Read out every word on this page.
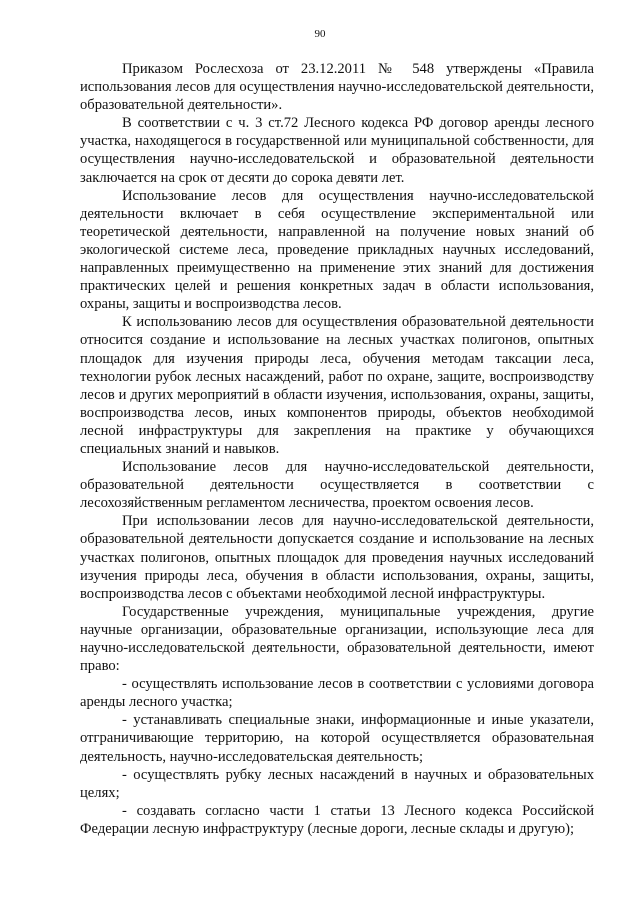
90

Приказом Рослесхоза от 23.12.2011 № 548 утверждены «Правила использования лесов для осуществления научно-исследовательской деятельности, образовательной деятельности».

В соответствии с ч. 3 ст.72 Лесного кодекса РФ договор аренды лесного участка, находящегося в государственной или муниципальной собственности, для осуществления научно-исследовательской и образовательной деятельности заключается на срок от десяти до сорока девяти лет.

Использование лесов для осуществления научно-исследовательской деятельности включает в себя осуществление экспериментальной или теоретической деятельности, направленной на получение новых знаний об экологической системе леса, проведение прикладных научных исследований, направленных преимущественно на применение этих знаний для достижения практических целей и решения конкретных задач в области использования, охраны, защиты и воспроизводства лесов.

К использованию лесов для осуществления образовательной деятельности относится создание и использование на лесных участках полигонов, опытных площадок для изучения природы леса, обучения методам таксации леса, технологии рубок лесных насаждений, работ по охране, защите, воспроизводству лесов и других мероприятий в области изучения, использования, охраны, защиты, воспроизводства лесов, иных компонентов природы, объектов необходимой лесной инфраструктуры для закрепления на практике у обучающихся специальных знаний и навыков.

Использование лесов для научно-исследовательской деятельности, образовательной деятельности осуществляется в соответствии с лесохозяйственным регламентом лесничества, проектом освоения лесов.

При использовании лесов для научно-исследовательской деятельности, образовательной деятельности допускается создание и использование на лесных участках полигонов, опытных площадок для проведения научных исследований изучения природы леса, обучения в области использования, охраны, защиты, воспроизводства лесов с объектами необходимой лесной инфраструктуры.

Государственные учреждения, муниципальные учреждения, другие научные организации, образовательные организации, использующие леса для научно-исследовательской деятельности, образовательной деятельности, имеют право:

- осуществлять использование лесов в соответствии с условиями договора аренды лесного участка;

- устанавливать специальные знаки, информационные и иные указатели, отграничивающие территорию, на которой осуществляется образовательная деятельность, научно-исследовательская деятельность;

- осуществлять рубку лесных насаждений в научных и образовательных целях;

- создавать согласно части 1 статьи 13 Лесного кодекса Российской Федерации лесную инфраструктуру (лесные дороги, лесные склады и другую);
